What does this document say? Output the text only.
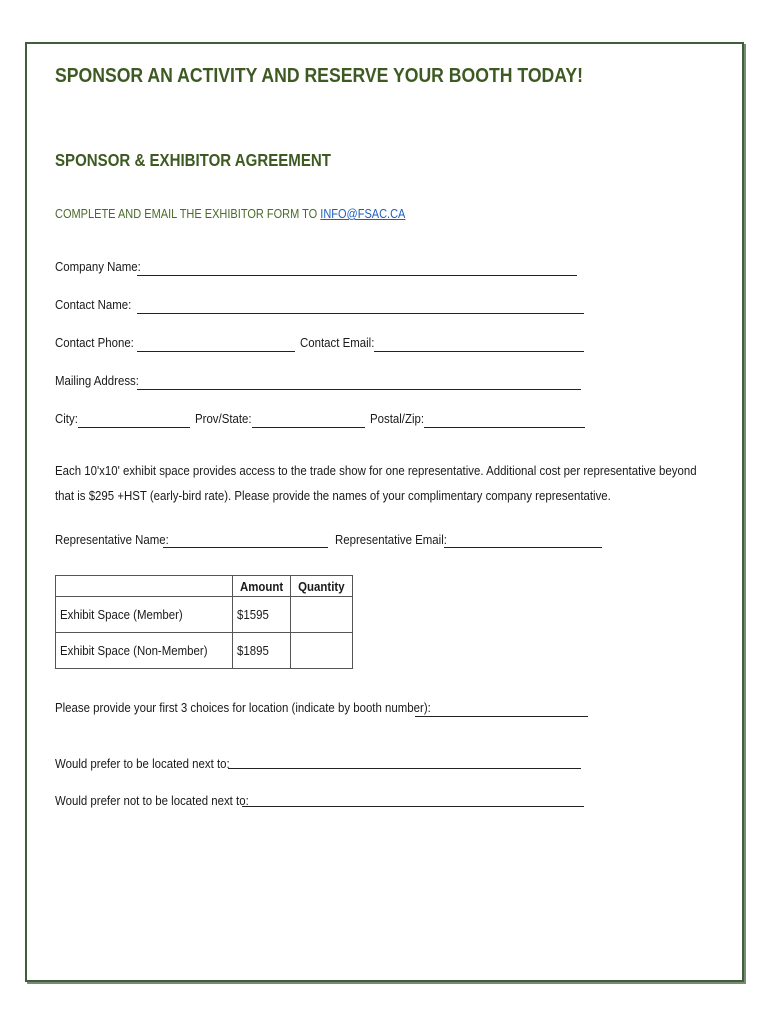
SPONSOR AN ACTIVITY AND RESERVE YOUR BOOTH TODAY!
SPONSOR & EXHIBITOR AGREEMENT
COMPLETE AND EMAIL THE EXHIBITOR FORM TO INFO@FSAC.CA
Company Name:
Contact Name:
Contact Phone:	Contact Email:
Mailing Address:
City:	Prov/State:	Postal/Zip:
Each 10'x10' exhibit space provides access to the trade show for one representative. Additional cost per representative beyond that is $295 +HST (early-bird rate). Please provide the names of your complimentary company representative.
Representative Name:	Representative Email:
	Amount	Quantity
Exhibit Space (Member)	$1595	
Exhibit Space (Non-Member)	$1895	
Please provide your first 3 choices for location (indicate by booth number):
Would prefer to be located next to:
Would prefer not to be located next to:
